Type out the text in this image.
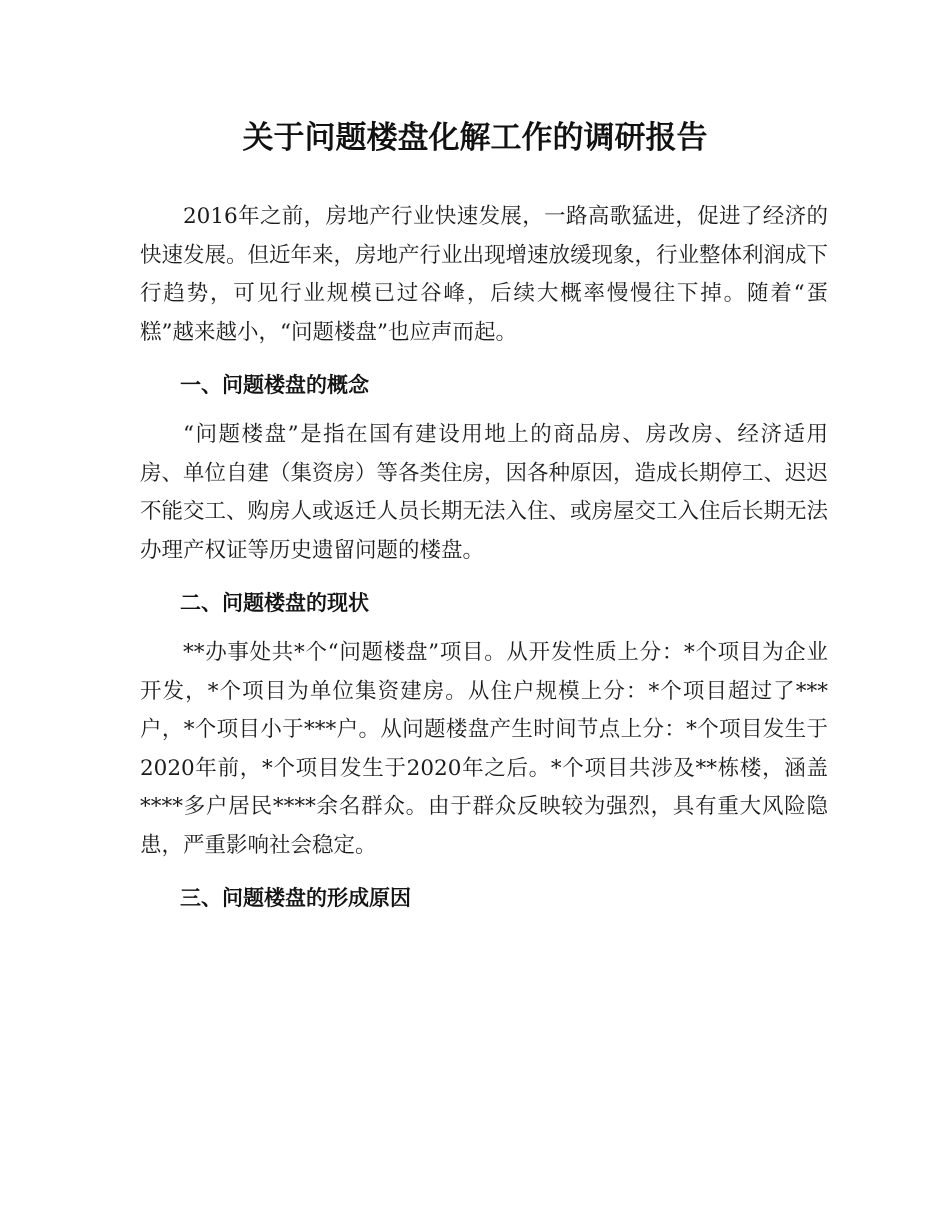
关于问题楼盘化解工作的调研报告

2016年之前，房地产行业快速发展，一路高歌猛进，促进了经济的快速发展。但近年来，房地产行业出现增速放缓现象，行业整体利润成下行趋势，可见行业规模已过谷峰，后续大概率慢慢往下掉。随着“蛋糕”越来越小，“问题楼盘”也应声而起。

一、问题楼盘的概念

“问题楼盘”是指在国有建设用地上的商品房、房改房、经济适用房、单位自建（集资房）等各类住房，因各种原因，造成长期停工、迟迟不能交工、购房人或返迁人员长期无法入住、或房屋交工入住后长期无法办理产权证等历史遗留问题的楼盘。

二、问题楼盘的现状

**办事处共*个“问题楼盘”项目。从开发性质上分：*个项目为企业开发，*个项目为单位集资建房。从住户规模上分：*个项目超过了***户，*个项目小于***户。从问题楼盘产生时间节点上分：*个项目发生于2020年前，*个项目发生于2020年之后。*个项目共涉及**栋楼，涵盖****多户居民****余名群众。由于群众反映较为强烈，具有重大风险隐患，严重影响社会稳定。

三、问题楼盘的形成原因
